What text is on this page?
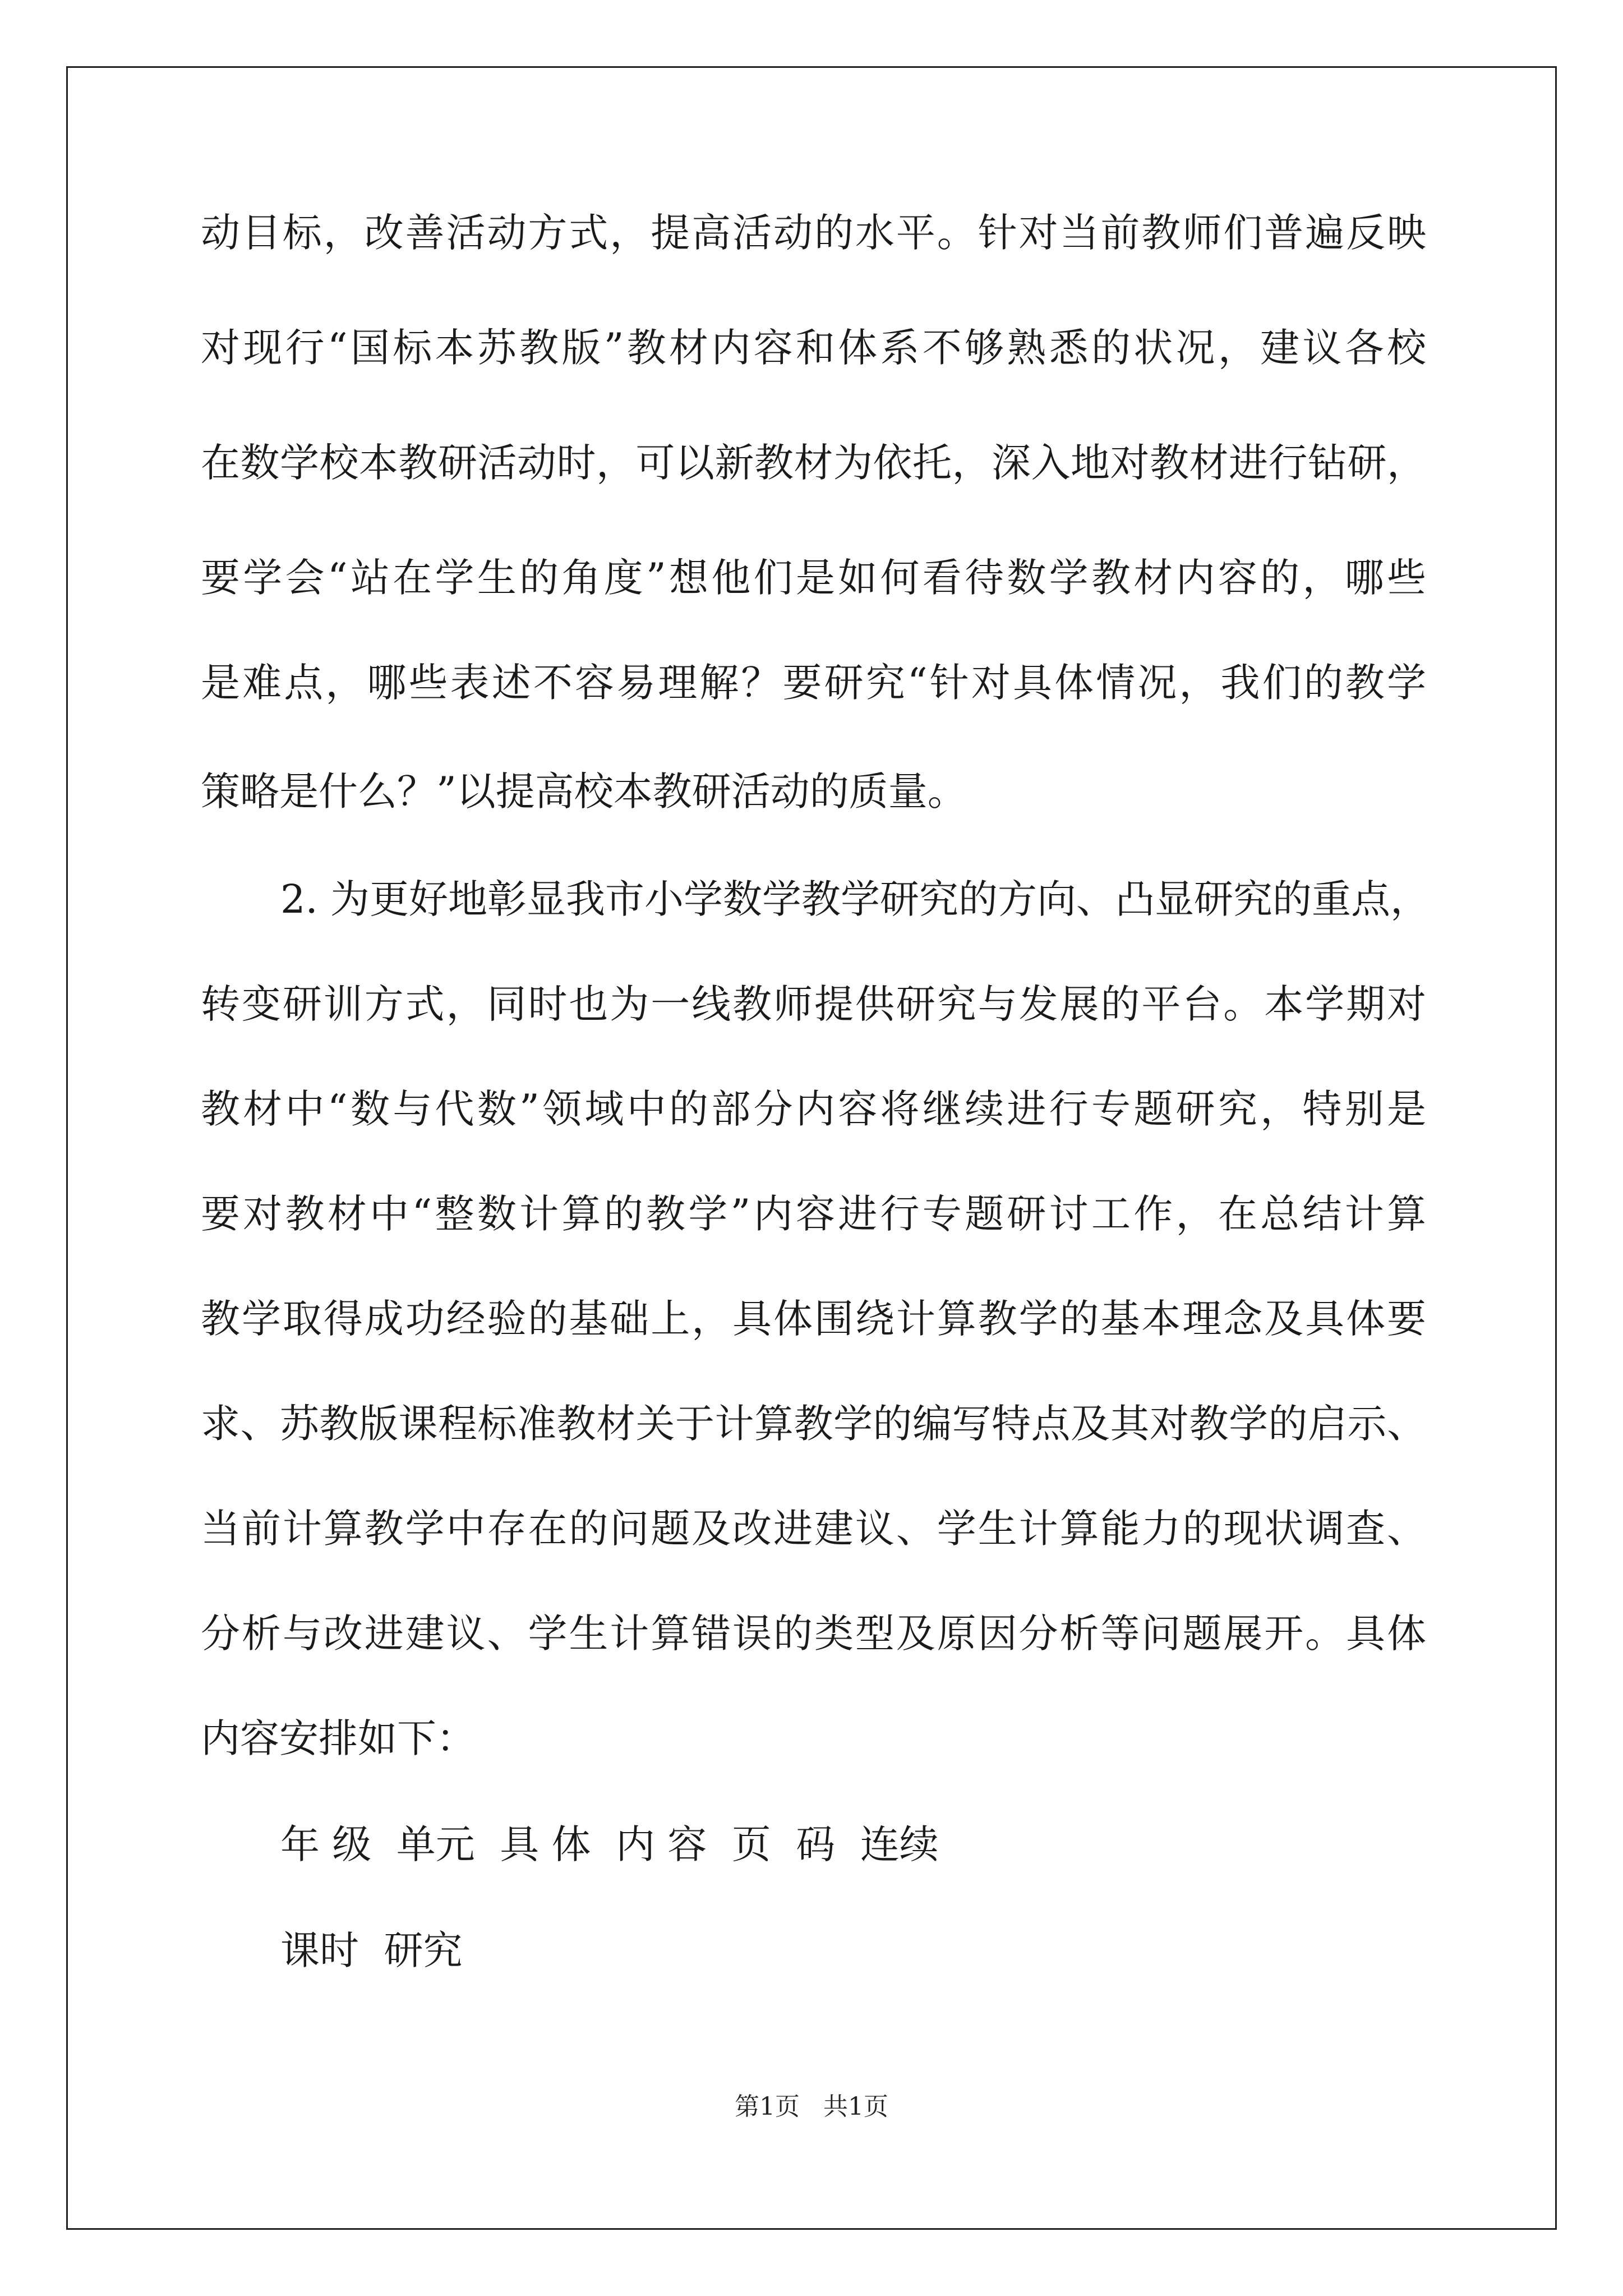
动目标，改善活动方式，提高活动的水平。针对当前教师们普遍反映
对现行“国标本苏教版”教材内容和体系不够熟悉的状况，建议各校
在数学校本教研活动时，可以新教材为依托，深入地对教材进行钻研，
要学会“站在学生的角度”想他们是如何看待数学教材内容的，哪些
是难点，哪些表述不容易理解？要研究“针对具体情况，我们的教学
策略是什么？”以提高校本教研活动的质量。
2. 为更好地彰显我市小学数学教学研究的方向、凸显研究的重点，
转变研训方式，同时也为一线教师提供研究与发展的平台。本学期对
教材中“数与代数”领域中的部分内容将继续进行专题研究，特别是
要对教材中“整数计算的教学”内容进行专题研讨工作，在总结计算
教学取得成功经验的基础上，具体围绕计算教学的基本理念及具体要
求、苏教版课程标准教材关于计算教学的编写特点及其对教学的启示、
当前计算教学中存在的问题及改进建议、学生计算能力的现状调查、
分析与改进建议、学生计算错误的类型及原因分析等问题展开。具体
内容安排如下：
年 级  单元  具 体  内 容  页  码  连续
课时  研究
第1页 共1页
